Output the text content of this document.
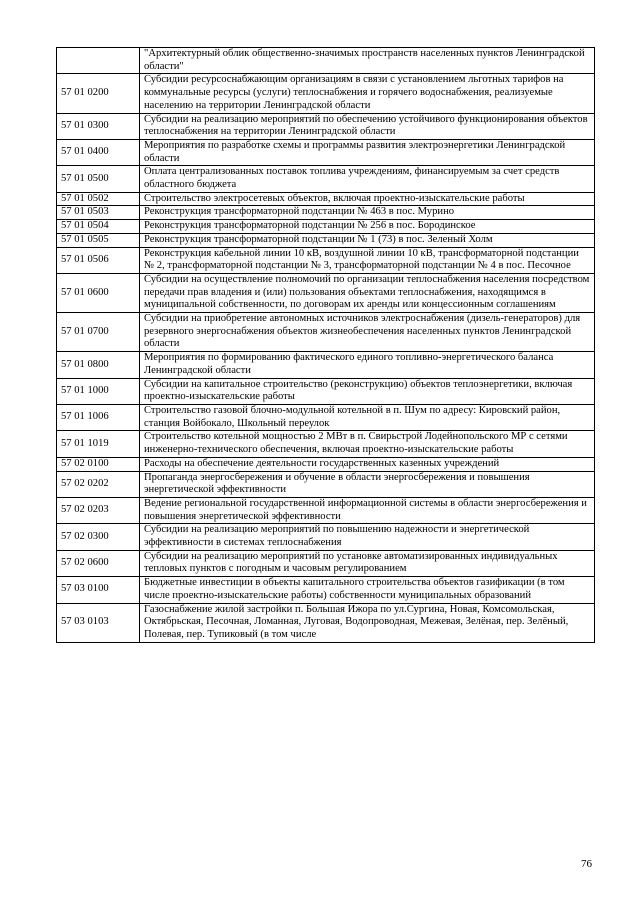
	"Архитектурный облик общественно-значимых пространств населенных пунктов Ленинградской области"
57 01 0200	Субсидии ресурсоснабжающим организациям в связи с установлением льготных тарифов на коммунальные ресурсы (услуги) теплоснабжения и горячего водоснабжения, реализуемые населению на территории Ленинградской области
57 01 0300	Субсидии на реализацию мероприятий по обеспечению устойчивого функционирования объектов теплоснабжения на территории Ленинградской области
57 01 0400	Мероприятия по разработке схемы и программы развития электроэнергетики Ленинградской области
57 01 0500	Оплата централизованных поставок топлива учреждениям, финансируемым за счет средств областного бюджета
57 01 0502	Строительство электросетевых объектов, включая проектно-изыскательские работы
57 01 0503	Реконструкция трансформаторной подстанции № 463 в пос. Мурино
57 01 0504	Реконструкция трансформаторной подстанции № 256 в пос. Бородинское
57 01 0505	Реконструкция трансформаторной подстанции № 1 (73) в пос. Зеленый Холм
57 01 0506	Реконструкция кабельной линии 10 кВ, воздушной линии 10 кВ, трансформаторной подстанции № 2, трансформаторной подстанции № 3, трансформаторной подстанции № 4 в пос. Песочное
57 01 0600	Субсидии на осуществление полномочий по организации теплоснабжения населения посредством передачи прав владения и (или) пользования объектами теплоснабжения, находящимся в муниципальной собственности, по договорам их аренды или концессионным соглашениям
57 01 0700	Субсидии на приобретение автономных источников электроснабжения (дизель-генераторов) для резервного энергоснабжения объектов жизнеобеспечения населенных пунктов Ленинградской области
57 01 0800	Мероприятия по формированию фактического единого топливно-энергетического баланса Ленинградской области
57 01 1000	Субсидии на капитальное строительство (реконструкцию) объектов теплоэнергетики, включая проектно-изыскательские работы
57 01 1006	Строительство газовой блочно-модульной котельной в п. Шум по адресу: Кировский район, станция Войбокало, Школьный переулок
57 01 1019	Строительство котельной мощностью 2 МВт в п. Свирьстрой Лодейнопольского МР с сетями инженерно-технического обеспечения, включая проектно-изыскательские работы
57 02 0100	Расходы на обеспечение деятельности государственных казенных учреждений
57 02 0202	Пропаганда энергосбережения и обучение в области энергосбережения и повышения энергетической эффективности
57 02 0203	Ведение региональной государственной информационной системы в области энергосбережения и повышения энергетической эффективности
57 02 0300	Субсидии на реализацию мероприятий по повышению надежности и энергетической эффективности в системах теплоснабжения
57 02 0600	Субсидии на реализацию мероприятий по установке автоматизированных индивидуальных тепловых пунктов с погодным и часовым регулированием
57 03 0100	Бюджетные инвестиции в объекты капитального строительства объектов газификации (в том числе проектно-изыскательские работы) собственности муниципальных образований
57 03 0103	Газоснабжение жилой застройки п. Большая Ижора по ул.Сургина, Новая, Комсомольская, Октябрьская, Песочная, Ломанная, Луговая, Водопроводная, Межевая, Зелёная, пер. Зелёный, Полевая, пер. Тупиковый (в том числе
76
